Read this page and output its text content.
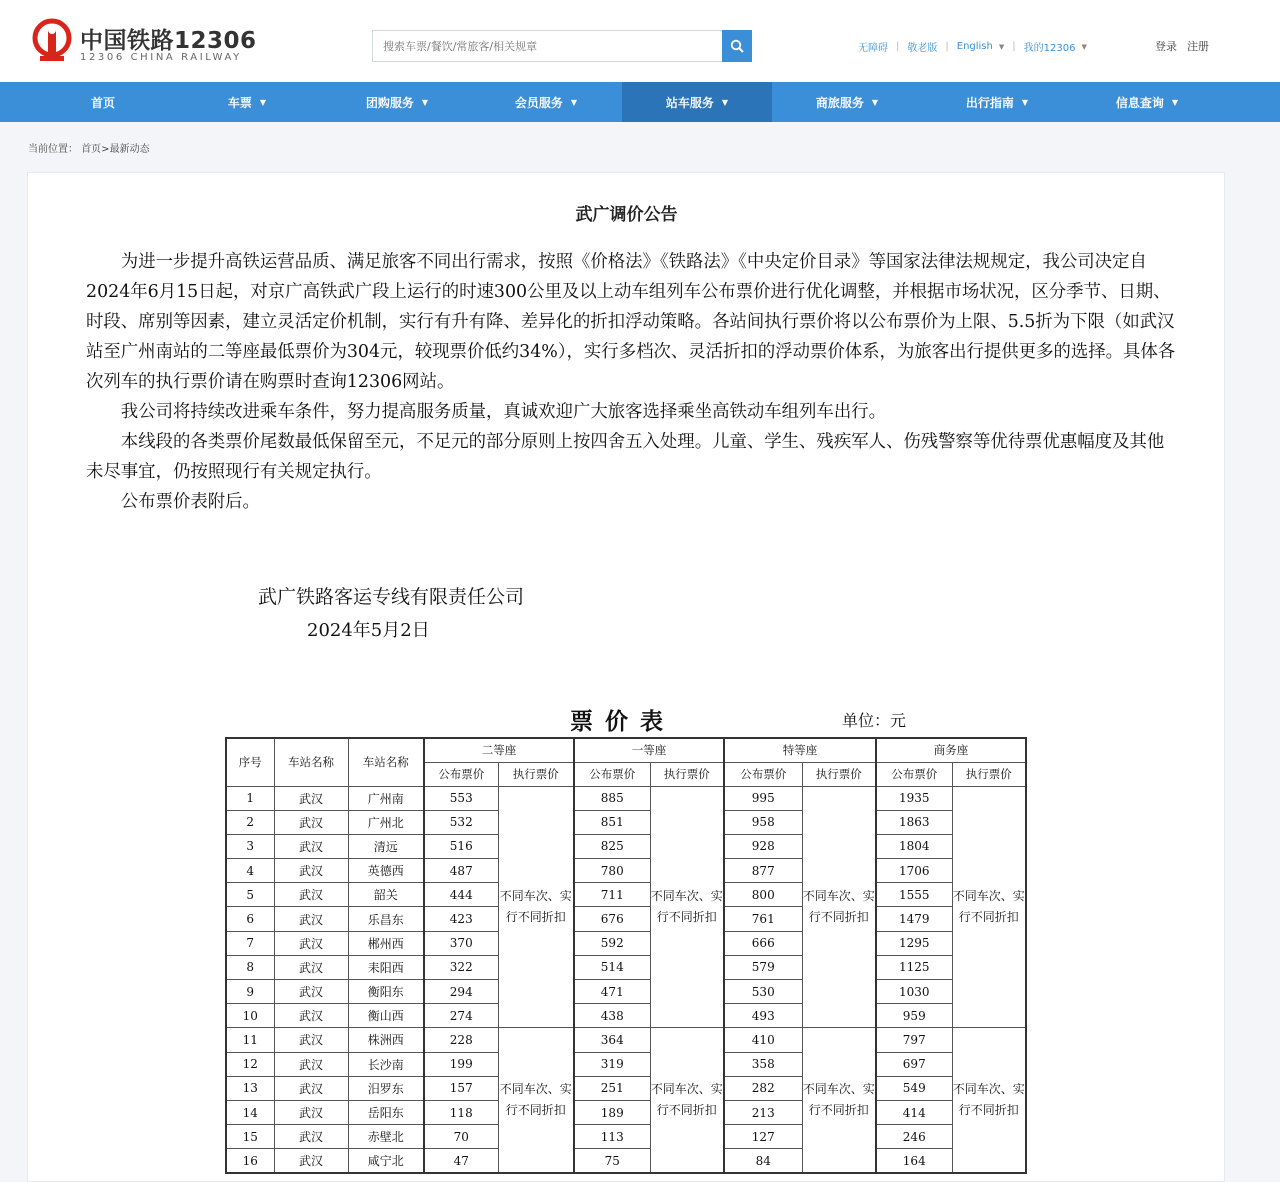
中国铁路12306
12306 CHINA RAILWAY
搜索车票/餐饮/常旅客/相关规章
无障碍 | 敬老版 | English ▼ | 我的12306 ▼	登录 注册
首页	车票 ▼	团购服务 ▼	会员服务 ▼	站车服务 ▼	商旅服务 ▼	出行指南 ▼	信息查询 ▼
当前位置： 首页>最新动态
武广调价公告

为进一步提升高铁运营品质、满足旅客不同出行需求，按照《价格法》《铁路法》《中央定价目录》等国家法律法规规定，我公司决定自2024年6月15日起，对京广高铁武广段上运行的时速300公里及以上动车组列车公布票价进行优化调整，并根据市场状况，区分季节、日期、时段、席别等因素，建立灵活定价机制，实行有升有降、差异化的折扣浮动策略。各站间执行票价将以公布票价为上限、5.5折为下限（如武汉站至广州南站的二等座最低票价为304元，较现票价低约34%），实行多档次、灵活折扣的浮动票价体系，为旅客出行提供更多的选择。具体各次列车的执行票价请在购票时查询12306网站。

我公司将持续改进乘车条件，努力提高服务质量，真诚欢迎广大旅客选择乘坐高铁动车组列车出行。

本线段的各类票价尾数最低保留至元，不足元的部分原则上按四舍五入处理。儿童、学生、残疾军人、伤残警察等优待票优惠幅度及其他未尽事宜，仍按照现行有关规定执行。

公布票价表附后。

武广铁路客运专线有限责任公司
2024年5月2日
票价表	单位：元
序号	车站名称	车站名称	二等座		一等座		特等座		商务座	
			公布票价	执行票价	公布票价	执行票价	公布票价	执行票价	公布票价	执行票价
1	武汉	广州南	553	不同车次、实行不同折扣	885	不同车次、实行不同折扣	995	不同车次、实行不同折扣	1935	不同车次、实行不同折扣
2	武汉	广州北	532		851		958		1863	
3	武汉	清远	516		825		928		1804	
4	武汉	英德西	487		780		877		1706	
5	武汉	韶关	444		711		800		1555	
6	武汉	乐昌东	423		676		761		1479	
7	武汉	郴州西	370		592		666		1295	
8	武汉	耒阳西	322		514		579		1125	
9	武汉	衡阳东	294		471		530		1030	
10	武汉	衡山西	274		438		493		959	
11	武汉	株洲西	228	不同车次、实行不同折扣	364	不同车次、实行不同折扣	410	不同车次、实行不同折扣	797	不同车次、实行不同折扣
12	武汉	长沙南	199		319		358		697	
13	武汉	汨罗东	157		251		282		549	
14	武汉	岳阳东	118		189		213		414	
15	武汉	赤壁北	70		113		127		246	
16	武汉	咸宁北	47		75		84		164	
